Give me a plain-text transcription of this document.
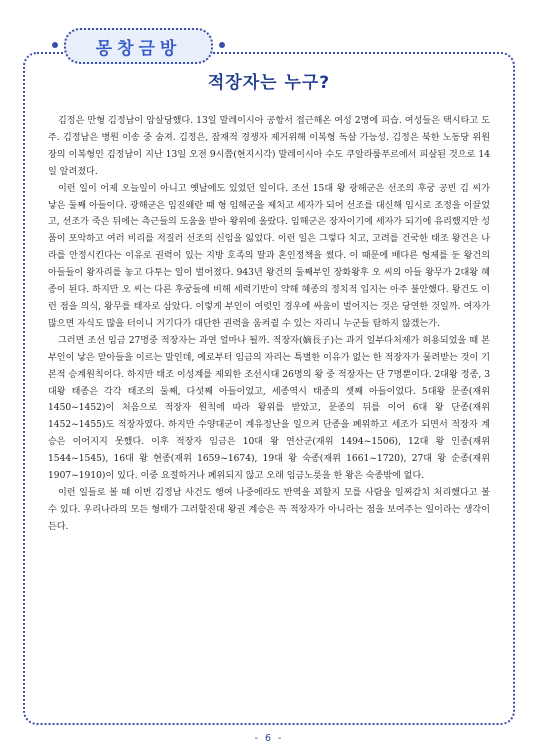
몽창금방
적장자는 누구?

김정은 만형 김정남이 암살당했다. 13일 말레이시아 공항서 접근해온 여성 2명에 피습. 여성들은 택시타고 도주. 김정남은 병원 이송 중 숨져. 김정은, 잠재적 경쟁자 제거위해 이복형 독살 가능성. 김정은 북한 노동당 위원장의 이복형인 김정남이 지난 13일 오전 9시쯤(현지시각) 말레이시아 수도 쿠알라룸푸르에서 피살된 것으로 14일 알려졌다.

이런 일이 어제 오늘일이 아니고 옛날에도 있었던 일이다. 조선 15대 왕 광해군은 선조의 후궁 공빈 김 씨가 낳은 둘째 아들이다. 광해군은 임진왜란 때 형 임해군을 제치고 세자가 되어 선조를 대신해 임시로 조정을 이끌었고, 선조가 죽은 뒤에는 측근들의 도움을 받아 왕위에 올랐다. 임해군은 장자이기에 세자가 되기에 유리했지만 성품이 포악하고 여러 비리를 저질러 선조의 신임을 잃었다. 이런 일은 그렇다 치고, 고려를 건국한 태조 왕건은 나라를 안정시킨다는 이유로 권력이 있는 지방 호족의 딸과 혼인정책을 썼다. 이 때문에 배다른 형제를 둔 왕건의 아들들이 왕자리를 놓고 다투는 일이 벌어졌다. 943년 왕건의 둘째부인 장화왕후 오 씨의 아들 왕무가 2대왕 혜종이 된다. 하지만 오 씨는 다른 후궁들에 비해 세력기반이 약해 혜종의 정치적 입지는 아주 불안했다. 왕건도 이런 점을 의식, 왕무를 태자로 삼았다. 이렇게 부인이 여럿인 경우에 싸움이 벌어지는 것은 당연한 것일까. 여자가 많으면 자식도 많을 터이니 거기다가 대단한 권력을 움켜쥘 수 있는 자리니 누군들 탐하지 않겠는가.

그러면 조선 임금 27명중 적장자는 과연 얼마나 될까. 적장자(嫡長子)는 과거 일부다처제가 허용되었을 때 본부인이 낳은 맏아들을 이르는 말인데, 예로부터 임금의 자리는 특별한 이유가 없는 한 적장자가 물려받는 것이 기본적 승계원칙이다. 하지만 태조 이성계를 제외한 조선시대 26명의 왕 중 적장자는 단 7명뿐이다. 2대왕 정종, 3대왕 태종은 각각 태조의 둘째, 다섯째 아들이었고, 세종역시 태종의 셋째 아들이었다. 5대왕 문종(재위 1450~1452)이 처음으로 적장자 원칙에 따라 왕위를 받았고, 문종의 뒤를 이어 6대 왕 단종(재위 1452~1455)도 적장자였다. 하지만 수양대군이 계유정난을 일으켜 단종을 폐위하고 세조가 되면서 적장자 계승은 이어지지 못했다. 이후 적장자 임금은 10대 왕 연산군(재위 1494~1506), 12대 왕 인종(재위 1544~1545), 16대 왕 현종(재위 1659~1674), 19대 왕 숙종(재위 1661~1720), 27대 왕 순종(재위 1907~1910)이 있다. 이중 요절하거나 폐위되지 않고 오래 임금노릇을 한 왕은 숙종밖에 없다.

이런 일들로 볼 때 이번 김정남 사건도 행여 나중에라도 반역을 꾀할지 모를 사람을 일찌감치 처리했다고 볼 수 있다. 우리나라의 모든 형태가 그러할진대 왕권 계승은 꼭 적장자가 아니라는 점을 보여주는 일이라는 생각이 든다.

- 6 -
